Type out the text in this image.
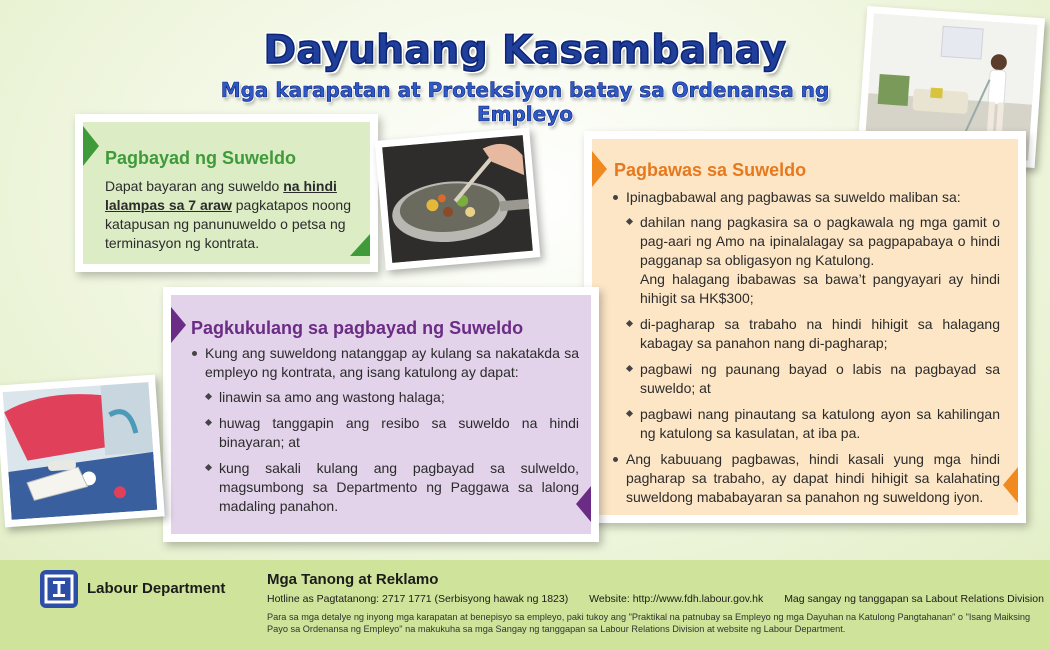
Dayuhang Kasambahay
Mga karapatan at Proteksiyon batay sa Ordenansa ng Empleyo
Pagbayad ng Suweldo
Dapat bayaran ang suweldo na hindi lalampas sa 7 araw pagkatapos noong katapusan ng panunuweldo o petsa ng terminasyon ng kontrata.
Pagbawas sa Suweldo
Ipinagbabawal ang pagbawas sa suweldo maliban sa:
dahilan nang pagkasira sa o pagkawala ng mga gamit o pag-aari ng Amo na ipinalalagay sa pagpapabaya o hindi pagganap sa obligasyon ng Katulong.
Ang halagang ibabawas sa bawa’t pangyayari ay hindi hihigit sa HK$300;
di-pagharap sa trabaho na hindi hihigit sa halagang kabagay sa panahon nang di-pagharap;
pagbawi ng paunang bayad o labis na pagbayad sa suweldo; at
pagbawi nang pinautang sa katulong ayon sa kahilingan ng katulong sa kasulatan, at iba pa.
Ang kabuuang pagbawas, hindi kasali yung mga hindi pagharap sa trabaho, ay dapat hindi hihigit sa kalahating suweldong mababayaran sa panahon ng suweldong iyon.
Pagkukulang sa pagbayad ng Suweldo
Kung ang suweldong natanggap ay kulang sa nakatakda sa empleyo ng kontrata, ang isang katulong ay dapat:
linawin sa amo ang wastong halaga;
huwag tanggapin ang resibo sa suweldo na hindi binayaran; at
kung sakali kulang ang pagbayad sa sulweldo, magsumbong sa Departmento ng Paggawa sa lalong madaling panahon.
Labour Department
Mga Tanong at Reklamo
Hotline as Pagtatanong: 2717 1771 (Serbisyong hawak ng 1823) Website: http://www.fdh.labour.gov.hk Mag sangay ng tanggapan sa Labout Relations Division
Para sa mga detalye ng inyong mga karapatan at benepisyo sa empleyo, paki tukoy ang "Praktikal na patnubay sa Empleyo ng mga Dayuhan na Katulong Pangtahanan" o "Isang Maiksing Payo sa Ordenansa ng Empleyo" na makukuha sa mga Sangay ng tanggapan sa Labour Relations Division at website ng Labour Department.
